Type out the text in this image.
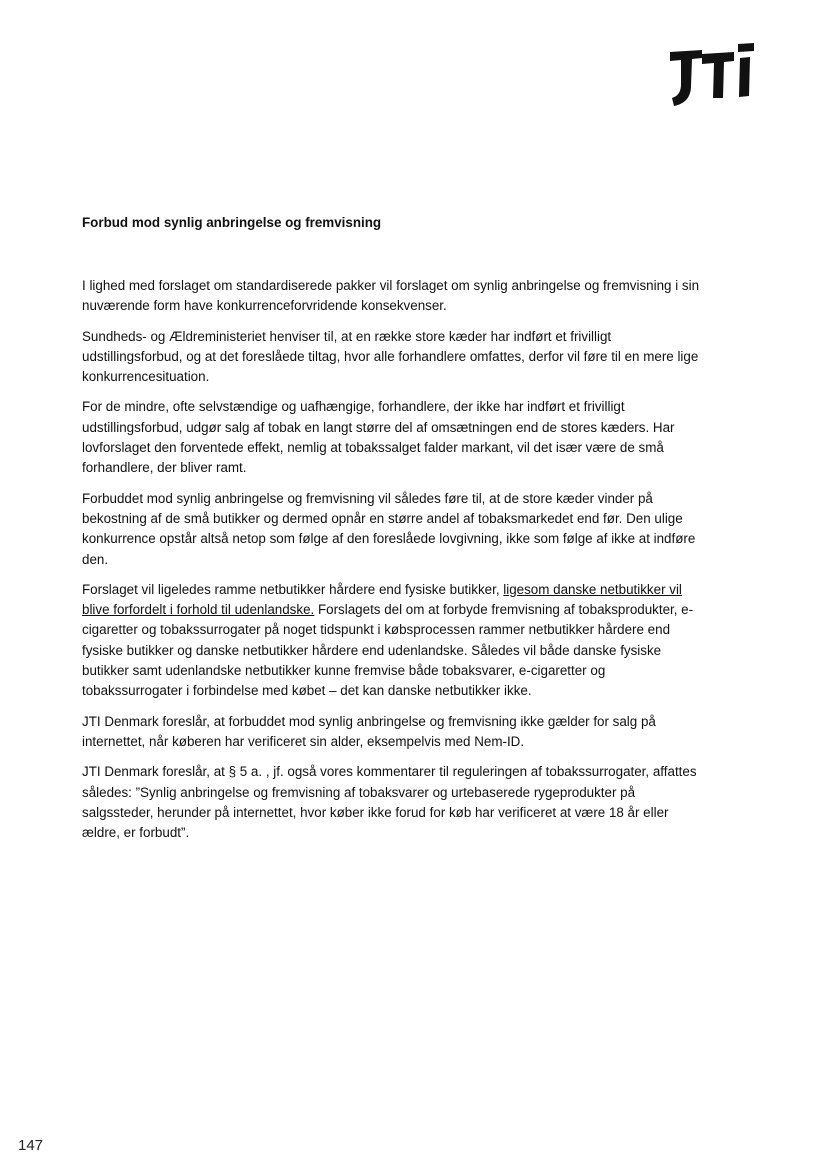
Forbud mod synlig anbringelse og fremvisning

I lighed med forslaget om standardiserede pakker vil forslaget om synlig anbringelse og fremvisning i sin nuværende form have konkurrenceforvridende konsekvenser.

Sundheds- og Ældreministeriet henviser til, at en række store kæder har indført et frivilligt udstillingsforbud, og at det foreslåede tiltag, hvor alle forhandlere omfattes, derfor vil føre til en mere lige konkurrencesituation.

For de mindre, ofte selvstændige og uafhængige, forhandlere, der ikke har indført et frivilligt udstillingsforbud, udgør salg af tobak en langt større del af omsætningen end de stores kæders. Har lovforslaget den forventede effekt, nemlig at tobakssalget falder markant, vil det især være de små forhandlere, der bliver ramt.

Forbuddet mod synlig anbringelse og fremvisning vil således føre til, at de store kæder vinder på bekostning af de små butikker og dermed opnår en større andel af tobaksmarkedet end før. Den ulige konkurrence opstår altså netop som følge af den foreslåede lovgivning, ikke som følge af ikke at indføre den.

Forslaget vil ligeledes ramme netbutikker hårdere end fysiske butikker, ligesom danske netbutikker vil blive forfordelt i forhold til udenlandske. Forslagets del om at forbyde fremvisning af tobaksprodukter, e-cigaretter og tobakssurrogater på noget tidspunkt i købsprocessen rammer netbutikker hårdere end fysiske butikker og danske netbutikker hårdere end udenlandske. Således vil både danske fysiske butikker samt udenlandske netbutikker kunne fremvise både tobaksvarer, e-cigaretter og tobakssurrogater i forbindelse med købet – det kan danske netbutikker ikke.

JTI Denmark foreslår, at forbuddet mod synlig anbringelse og fremvisning ikke gælder for salg på internettet, når køberen har verificeret sin alder, eksempelvis med Nem-ID.

JTI Denmark foreslår, at § 5 a. , jf. også vores kommentarer til reguleringen af tobakssurrogater, affattes således: ”Synlig anbringelse og fremvisning af tobaksvarer og urtebaserede rygeprodukter på salgssteder, herunder på internettet, hvor køber ikke forud for køb har verificeret at være 18 år eller ældre, er forbudt”.

147
